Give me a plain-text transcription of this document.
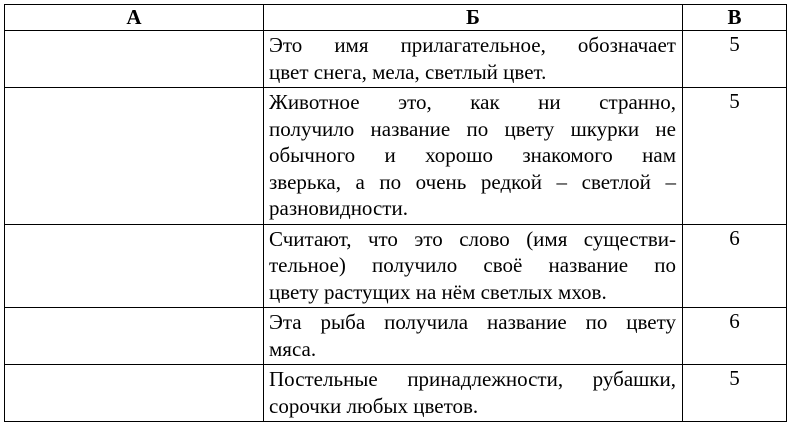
А	Б	В

	Это имя прилагательное, обозначает
цвет снега, мела, светлый цвет.	5

	Животное это, как ни странно,
получило название по цвету шкурки не
обычного и хорошо знакомого нам
зверька, а по очень редкой – светлой –
разновидности.	5

	Считают, что это слово (имя существи-
тельное) получило своё название по
цвету растущих на нём светлых мхов.	6

	Эта рыба получила название по цвету
мяса.	6

	Постельные принадлежности, рубашки,
сорочки любых цветов.	5
